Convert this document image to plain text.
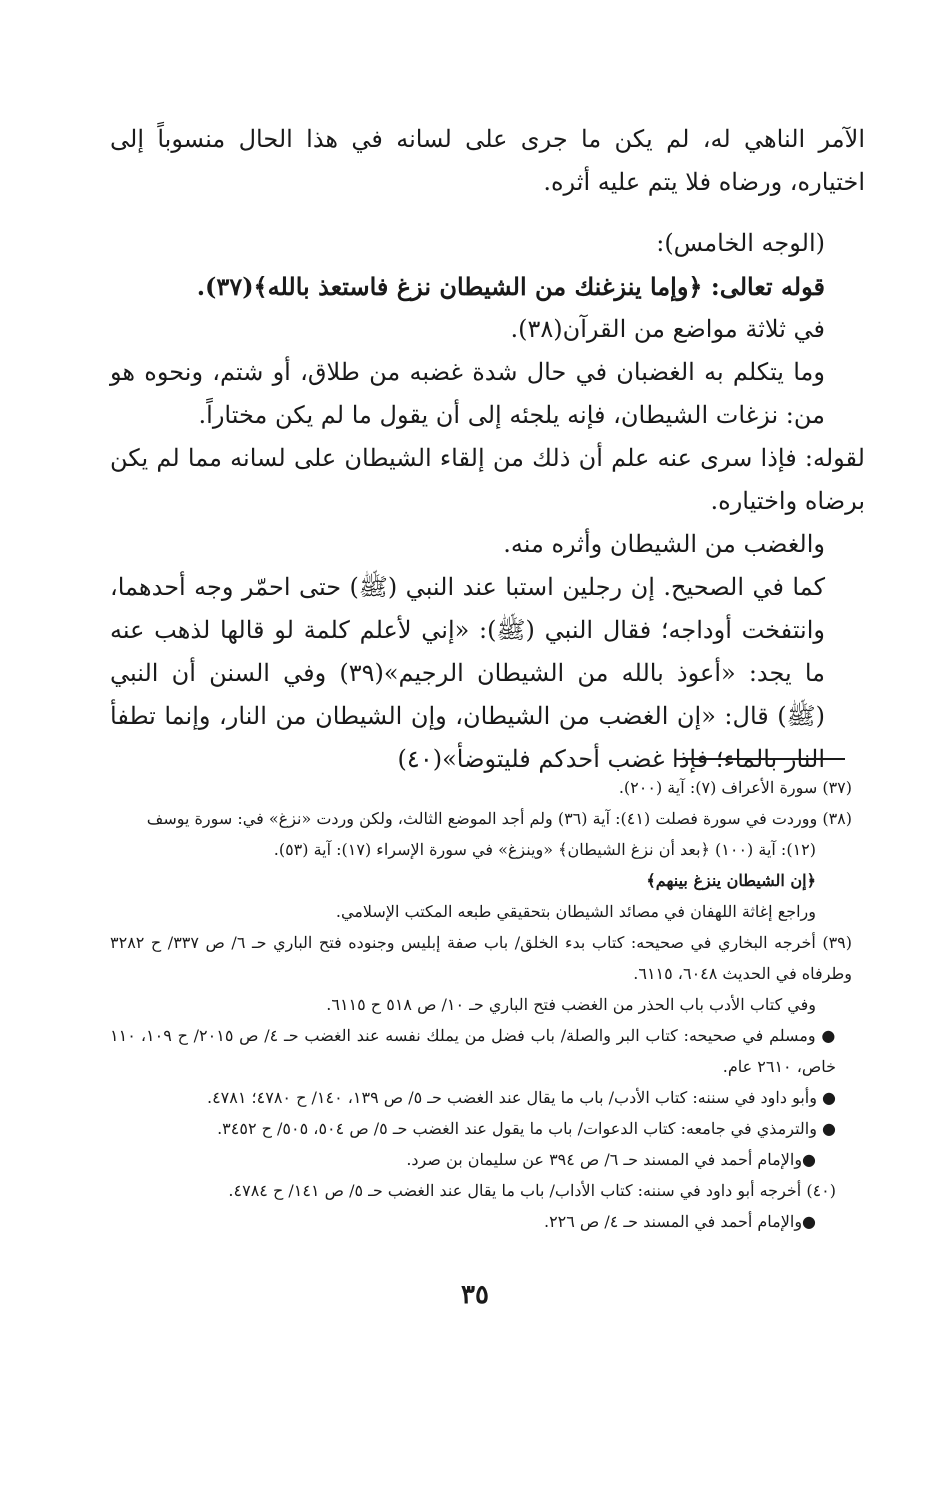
الآمر الناهي له، لم يكن ما جرى على لسانه في هذا الحال منسوباً إلى اختياره، ورضاه فلا يتم عليه أثره.

(الوجه الخامس):

قوله تعالى: ﴿وإما ينزغنك من الشيطان نزغ فاستعذ بالله﴾(٣٧).

في ثلاثة مواضع من القرآن(٣٨).

وما يتكلم به الغضبان في حال شدة غضبه من طلاق، أو شتم، ونحوه هو من: نزغات الشيطان، فإنه يلجئه إلى أن يقول ما لم يكن مختاراً.

لقوله: فإذا سرى عنه علم أن ذلك من إلقاء الشيطان على لسانه مما لم يكن برضاه واختياره.

والغضب من الشيطان وأثره منه.

كما في الصحيح. إن رجلين استبا عند النبي (ﷺ) حتى احمّر وجه أحدهما، وانتفخت أوداجه؛ فقال النبي (ﷺ): «إني لأعلم كلمة لو قالها لذهب عنه ما يجد: «أعوذ بالله من الشيطان الرجيم»(٣٩) وفي السنن أن النبي (ﷺ) قال: «إن الغضب من الشيطان، وإن الشيطان من النار، وإنما تطفأ النار بالماء؛ فإذا غضب أحدكم فليتوضأ»(٤٠)

(٣٧) سورة الأعراف (٧): آية (٢٠٠).

(٣٨) ووردت في سورة فصلت (٤١): آية (٣٦) ولم أجد الموضع الثالث، ولكن وردت «نزغ» في: سورة يوسف

(١٢): آية (١٠٠) ﴿بعد أن نزغ الشيطان﴾ «وينزغ» في سورة الإسراء (١٧): آية (٥٣).

﴿إن الشيطان ينزغ بينهم﴾

وراجع إغاثة اللهفان في مصائد الشيطان بتحقيقي طبعه المكتب الإسلامي.

(٣٩) أخرجه البخاري في صحيحه: كتاب بدء الخلق/ باب صفة إبليس وجنوده فتح الباري حـ ٦/ ص ٣٣٧/ ح ٣٢٨٢ وطرفاه في الحديث ٦٠٤٨، ٦١١٥.

وفي كتاب الأدب باب الحذر من الغضب فتح الباري حـ ١٠/ ص ٥١٨ ح ٦١١٥.

● ومسلم في صحيحه: كتاب البر والصلة/ باب فضل من يملك نفسه عند الغضب حـ ٤/ ص ٢٠١٥/ ح ١٠٩، ١١٠ خاص، ٢٦١٠ عام.

● وأبو داود في سننه: كتاب الأدب/ باب ما يقال عند الغضب حـ ٥/ ص ١٣٩، ١٤٠/ ح ٤٧٨٠؛ ٤٧٨١.

● والترمذي في جامعه: كتاب الدعوات/ باب ما يقول عند الغضب حـ ٥/ ص ٥٠٤، ٥٠٥/ ح ٣٤٥٢.

●والإمام أحمد في المسند حـ ٦/ ص ٣٩٤ عن سليمان بن صرد.

(٤٠) أخرجه أبو داود في سننه: كتاب الأداب/ باب ما يقال عند الغضب حـ ٥/ ص ١٤١/ ح ٤٧٨٤.

●والإمام أحمد في المسند حـ ٤/ ص ٢٢٦.

٣٥
